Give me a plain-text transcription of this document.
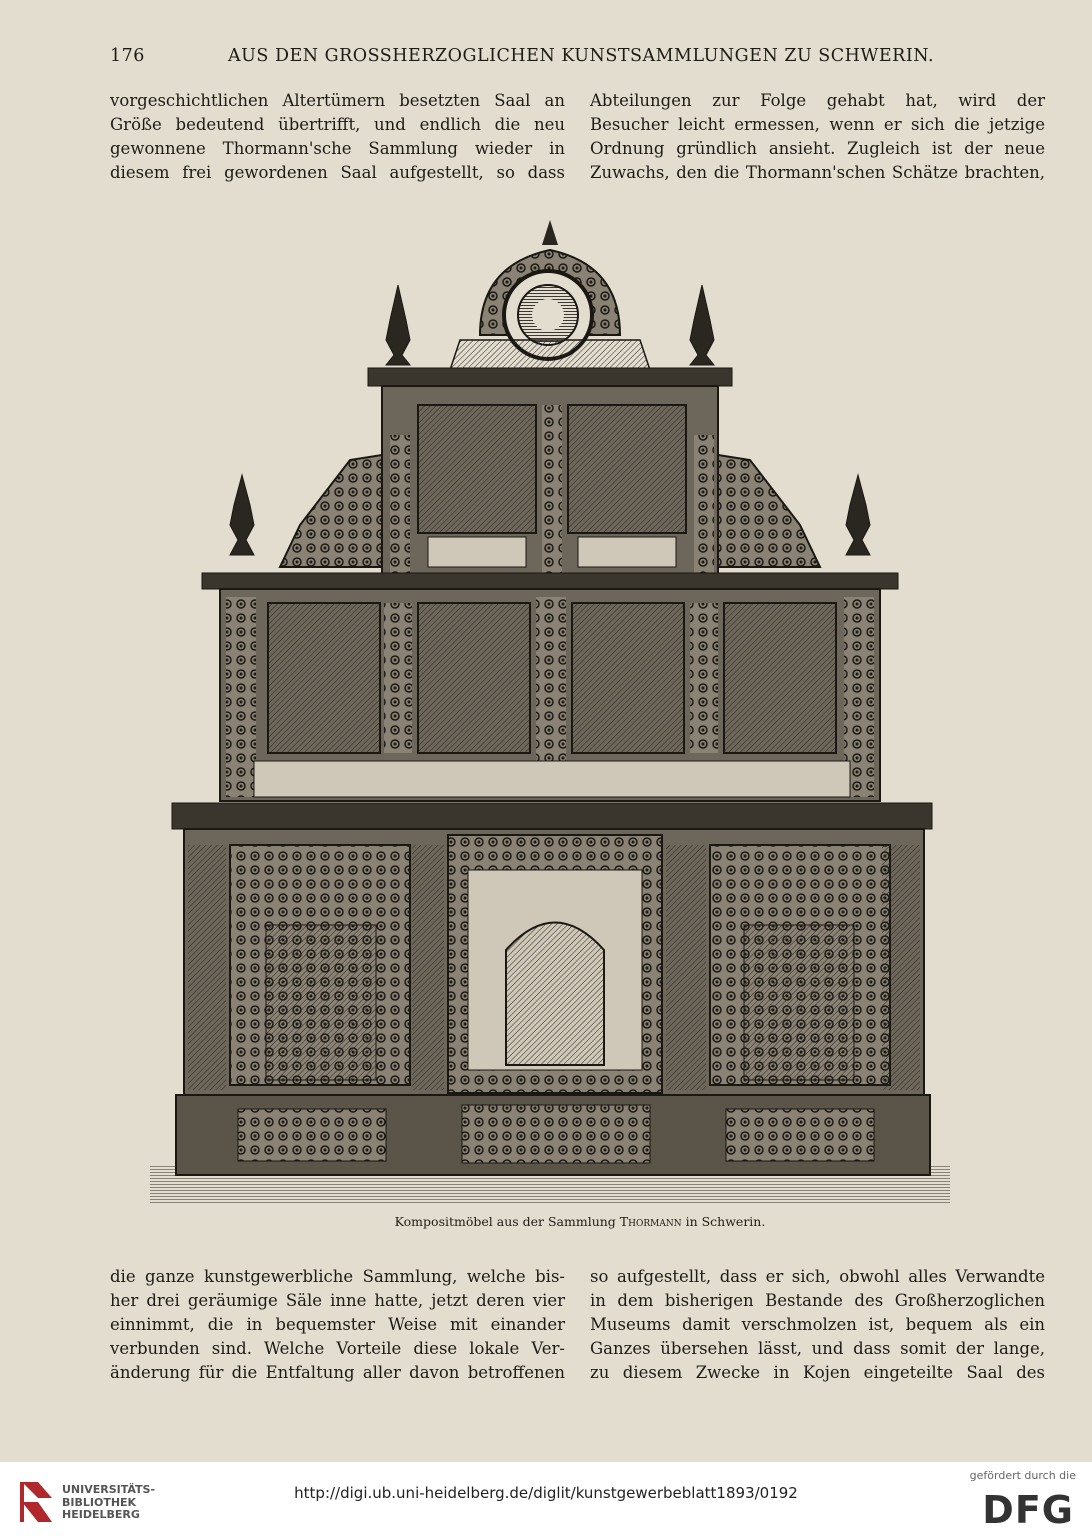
176	AUS DEN GROSSHERZOGLICHEN KUNSTSAMMLUNGEN ZU SCHWERIN.
vorgeschichtlichen Altertümern besetzten Saal an
Größe bedeutend übertrifft, und endlich die neu
gewonnene Thormann'sche Sammlung wieder in
diesem frei gewordenen Saal aufgestellt, so dass
Abteilungen zur Folge gehabt hat, wird der
Besucher leicht ermessen, wenn er sich die jetzige
Ordnung gründlich ansieht. Zugleich ist der neue
Zuwachs, den die Thormann'schen Schätze brachten,
Kompositmöbel aus der Sammlung Thormann in Schwerin.
die ganze kunstgewerbliche Sammlung, welche bis-
her drei geräumige Säle inne hatte, jetzt deren vier
einnimmt, die in bequemster Weise mit einander
verbunden sind. Welche Vorteile diese lokale Ver-
änderung für die Entfaltung aller davon betroffenen
so aufgestellt, dass er sich, obwohl alles Verwandte
in dem bisherigen Bestande des Großherzoglichen
Museums damit verschmolzen ist, bequem als ein
Ganzes übersehen lässt, und dass somit der lange,
zu diesem Zwecke in Kojen eingeteilte Saal des
UNIVERSITÄTS-
BIBLIOTHEK
HEIDELBERG
http://digi.ub.uni-heidelberg.de/diglit/kunstgewerbeblatt1893/0192
gefördert durch die
DFG
